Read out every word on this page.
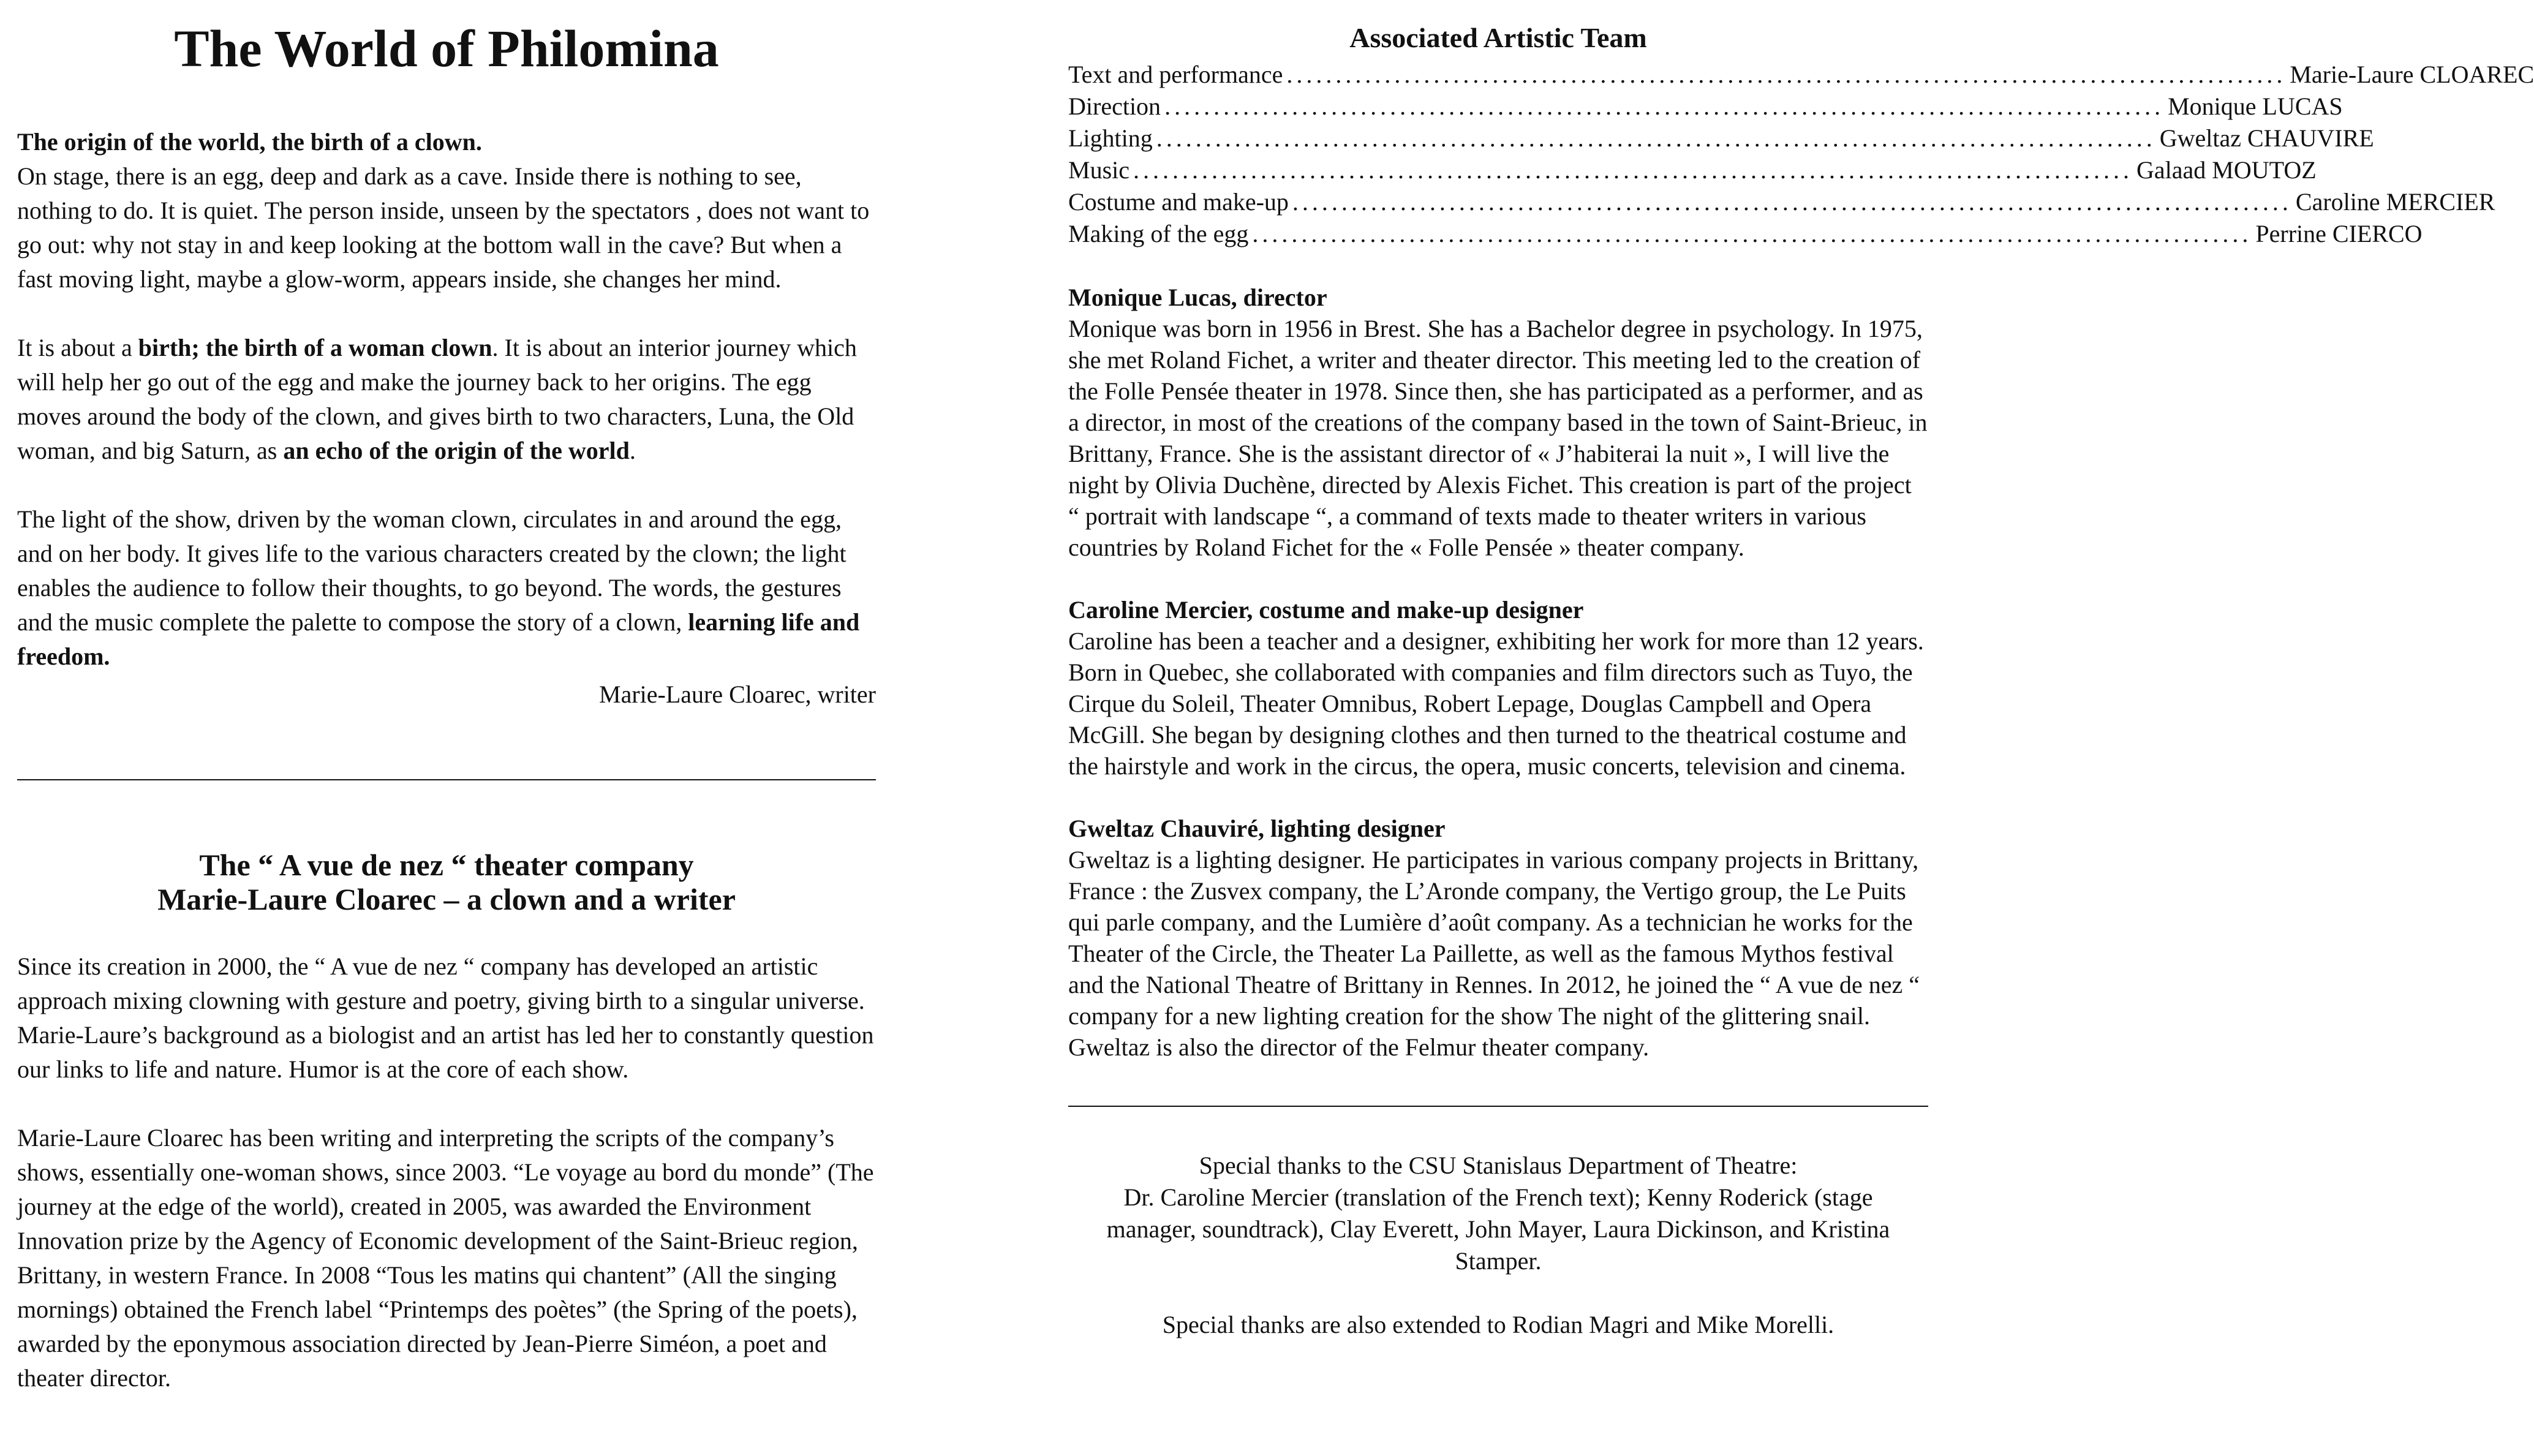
The World of Philomina

The origin of the world, the birth of a clown.
On stage, there is an egg, deep and dark as a cave. Inside there is nothing to see, nothing to do. It is quiet. The person inside, unseen by the spectators , does not want to go out: why not stay in and keep looking at the bottom wall in the cave? But when a fast moving light, maybe a glow-worm, appears inside, she changes her mind.

It is about a birth; the birth of a woman clown. It is about an interior journey which will help her go out of the egg and make the journey back to her origins. The egg moves around the body of the clown, and gives birth to two characters, Luna, the Old woman, and big Saturn, as an echo of the origin of the world.

The light of the show, driven by the woman clown, circulates in and around the egg, and on her body. It gives life to the various characters created by the clown; the light enables the audience to follow their thoughts, to go beyond. The words, the gestures and the music complete the palette to compose the story of a clown, learning life and freedom.

Marie-Laure Cloarec, writer

The “ A vue de nez “ theater company

Marie-Laure Cloarec – a clown and a writer

Since its creation in 2000, the “ A vue de nez “ company has developed an artistic approach mixing clowning with gesture and poetry, giving birth to a singular universe. Marie-Laure’s background as a biologist and an artist has led her to constantly question our links to life and nature. Humor is at the core of each show.

Marie-Laure Cloarec has been writing and interpreting the scripts of the company’s shows, essentially one-woman shows, since 2003. “Le voyage au bord du monde” (The journey at the edge of the world), created in 2005, was awarded the Environment Innovation prize by the Agency of Economic development of the Saint-Brieuc region, Brittany, in western France. In 2008 “Tous les matins qui chantent” (All the singing mornings) obtained the French label “Printemps des poètes” (the Spring of the poets), awarded by the eponymous association directed by Jean-Pierre Siméon, a poet and theater director.

Associated Artistic Team
Text and performance ...................................................................................................... Marie-Laure CLOAREC
Direction ...................................................................................................... Monique LUCAS
Lighting ...................................................................................................... Gweltaz CHAUVIRE
Music ...................................................................................................... Galaad MOUTOZ
Costume and make-up ...................................................................................................... Caroline MERCIER
Making of the egg ...................................................................................................... Perrine CIERCO

Monique Lucas, director
Monique was born in 1956 in Brest. She has a Bachelor degree in psychology. In 1975, she met Roland Fichet, a writer and theater director. This meeting led to the creation of the Folle Pensée theater in 1978. Since then, she has participated as a performer, and as a director, in most of the creations of the company based in the town of Saint-Brieuc, in Brittany, France. She is the assistant director of « J’habiterai la nuit », I will live the night by Olivia Duchène, directed by Alexis Fichet. This creation is part of the project “ portrait with landscape “, a command of texts made to theater writers in various countries by Roland Fichet for the « Folle Pensée » theater company.

Caroline Mercier, costume and make-up designer
Caroline has been a teacher and a designer, exhibiting her work for more than 12 years. Born in Quebec, she collaborated with companies and film directors such as Tuyo, the Cirque du Soleil, Theater Omnibus, Robert Lepage, Douglas Campbell and Opera McGill. She began by designing clothes and then turned to the theatrical costume and the hairstyle and work in the circus, the opera, music concerts, television and cinema.

Gweltaz Chauviré, lighting designer
Gweltaz is a lighting designer. He participates in various company projects in Brittany, France : the Zusvex company, the L’Aronde company, the Vertigo group, the Le Puits qui parle company, and the Lumière d’août company. As a technician he works for the Theater of the Circle, the Theater La Paillette, as well as the famous Mythos festival and the National Theatre of Brittany in Rennes. In 2012, he joined the “ A vue de nez “ company for a new lighting creation for the show The night of the glittering snail. Gweltaz is also the director of the Felmur theater company.

Special thanks to the CSU Stanislaus Department of Theatre:

Dr. Caroline Mercier (translation of the French text); Kenny Roderick (stage manager, soundtrack), Clay Everett, John Mayer, Laura Dickinson, and Kristina Stamper.

Special thanks are also extended to Rodian Magri and Mike Morelli.
